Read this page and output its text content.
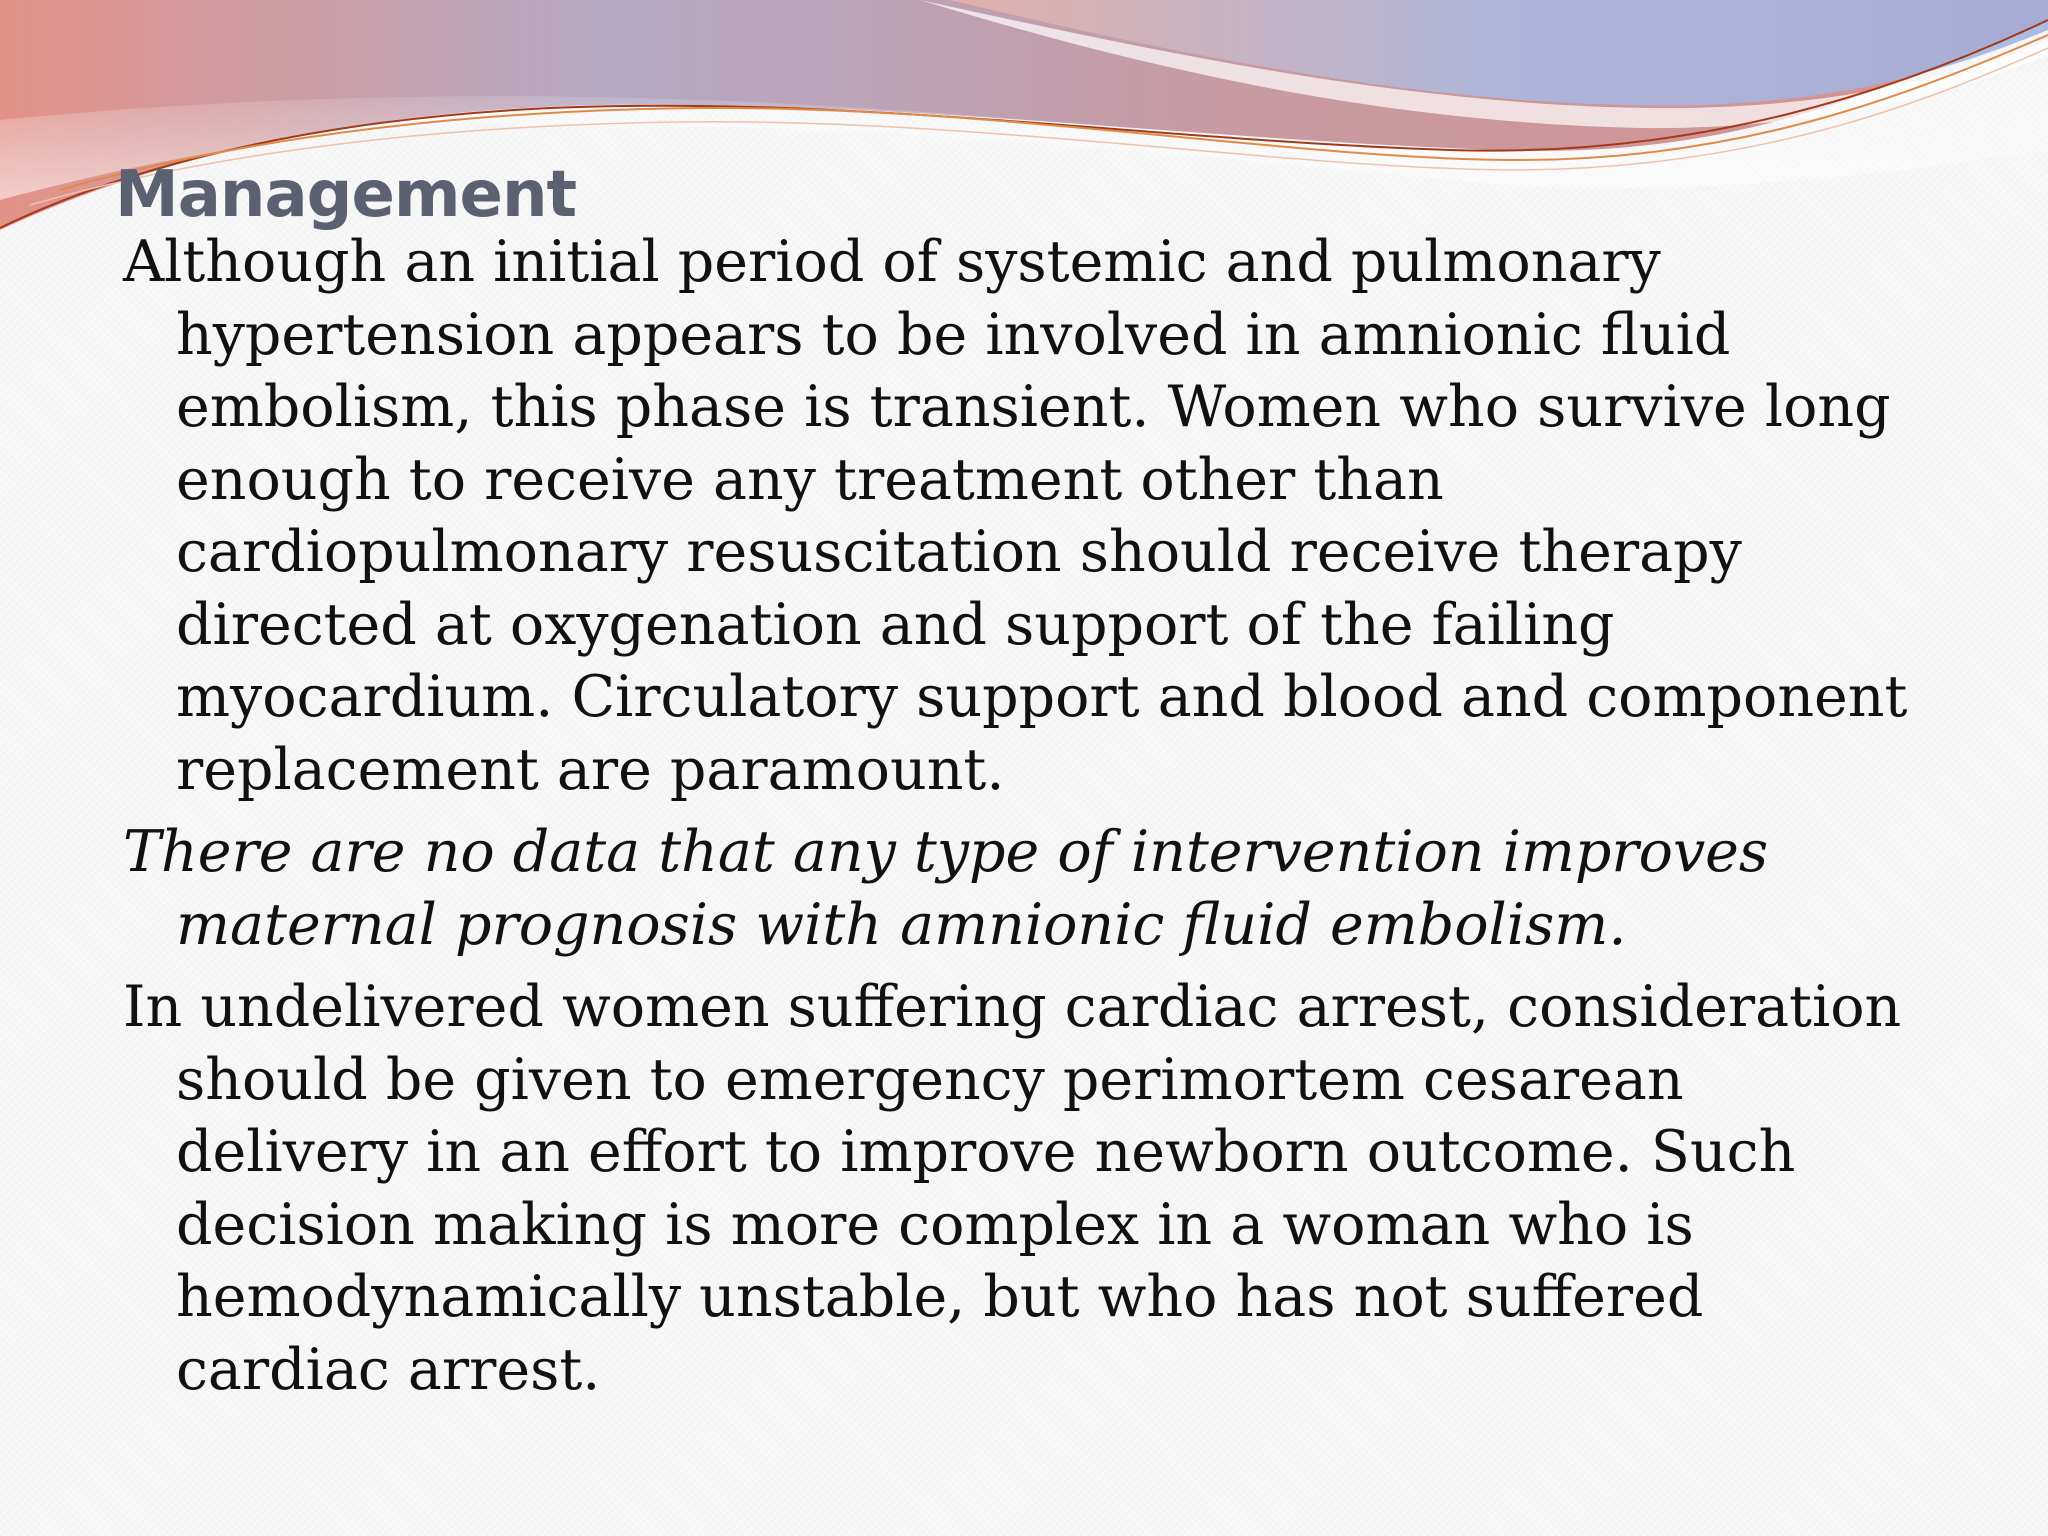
Management

Although an initial period of systemic and pulmonary hypertension appears to be involved in amnionic fluid embolism, this phase is transient. Women who survive long enough to receive any treatment other than cardiopulmonary resuscitation should receive therapy directed at oxygenation and support of the failing myocardium. Circulatory support and blood and component replacement are paramount.

There are no data that any type of intervention improves maternal prognosis with amnionic fluid embolism.

In undelivered women suffering cardiac arrest, consideration should be given to emergency perimortem cesarean delivery in an effort to improve newborn outcome. Such decision making is more complex in a woman who is hemodynamically unstable, but who has not suffered cardiac arrest.
